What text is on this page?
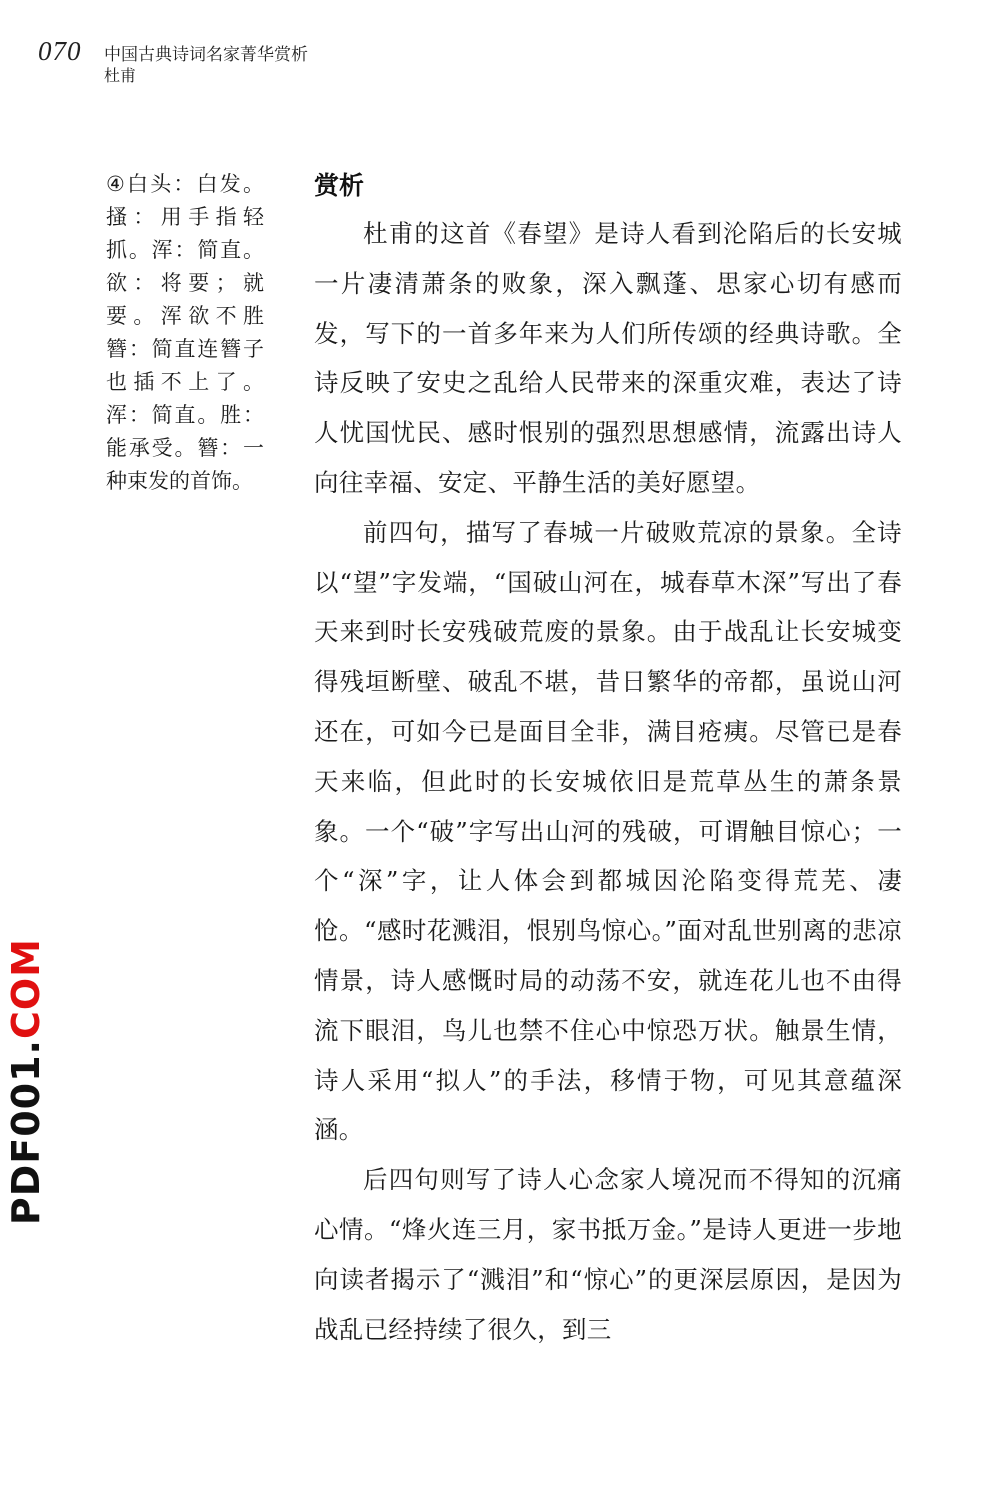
070 中国古典诗词名家菁华赏析
杜甫
④白头：白发。搔：用手指轻抓。浑：简直。欲：将要；就要。浑欲不胜簪：简直连簪子也插不上了。浑：简直。胜：能承受。簪：一种束发的首饰。
赏析

杜甫的这首《春望》是诗人看到沦陷后的长安城一片凄清萧条的败象，深入飘蓬、思家心切有感而发，写下的一首多年来为人们所传颂的经典诗歌。全诗反映了安史之乱给人民带来的深重灾难，表达了诗人忧国忧民、感时恨别的强烈思想感情，流露出诗人向往幸福、安定、平静生活的美好愿望。

前四句，描写了春城一片破败荒凉的景象。全诗以“望”字发端，“国破山河在，城春草木深”写出了春天来到时长安残破荒废的景象。由于战乱让长安城变得残垣断壁、破乱不堪，昔日繁华的帝都，虽说山河还在，可如今已是面目全非，满目疮痍。尽管已是春天来临，但此时的长安城依旧是荒草丛生的萧条景象。一个“破”字写出山河的残破，可谓触目惊心；一个“深”字，让人体会到都城因沦陷变得荒芜、凄怆。“感时花溅泪，恨别鸟惊心。”面对乱世别离的悲凉情景，诗人感慨时局的动荡不安，就连花儿也不由得流下眼泪，鸟儿也禁不住心中惊恐万状。触景生情，诗人采用“拟人”的手法，移情于物，可见其意蕴深涵。

后四句则写了诗人心念家人境况而不得知的沉痛心情。“烽火连三月，家书抵万金。”是诗人更进一步地向读者揭示了“溅泪”和“惊心”的更深层原因，是因为战乱已经持续了很久，到三

PDF001.COM
